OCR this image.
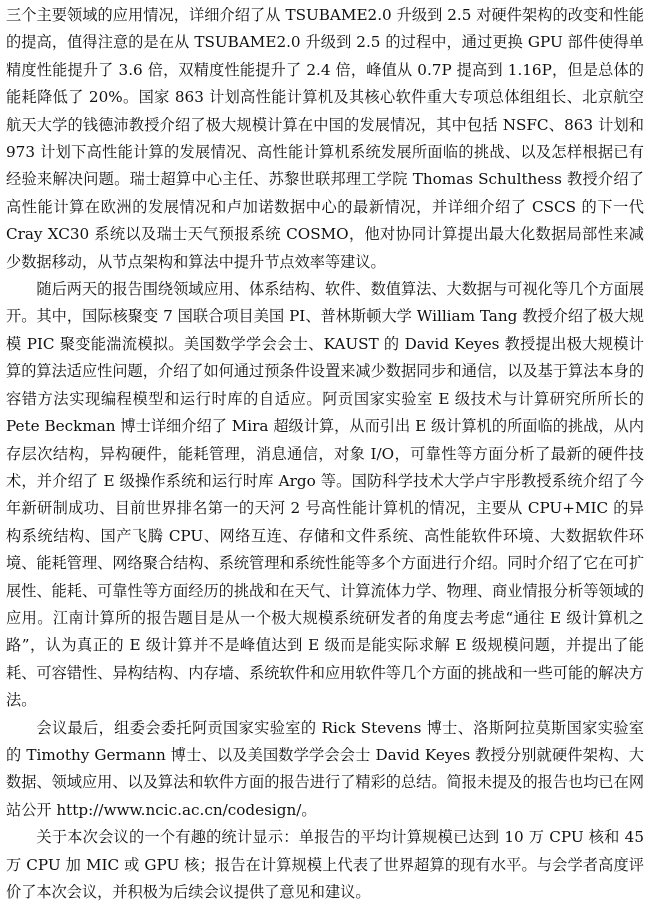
三个主要领域的应用情况，详细介绍了从 TSUBAME2.0 升级到 2.5 对硬件架构的改变和性能的提高，值得注意的是在从 TSUBAME2.0 升级到 2.5 的过程中，通过更换 GPU 部件使得单精度性能提升了 3.6 倍，双精度性能提升了 2.4 倍，峰值从 0.7P 提高到 1.16P，但是总体的能耗降低了 20%。国家 863 计划高性能计算机及其核心软件重大专项总体组组长、北京航空航天大学的钱德沛教授介绍了极大规模计算在中国的发展情况，其中包括 NSFC、863 计划和 973 计划下高性能计算的发展情况、高性能计算机系统发展所面临的挑战、以及怎样根据已有经验来解决问题。瑞士超算中心主任、苏黎世联邦理工学院 Thomas Schulthess 教授介绍了高性能计算在欧洲的发展情况和卢加诺数据中心的最新情况，并详细介绍了 CSCS 的下一代 Cray XC30 系统以及瑞士天气预报系统 COSMO，他对协同计算提出最大化数据局部性来减少数据移动，从节点架构和算法中提升节点效率等建议。

随后两天的报告围绕领域应用、体系结构、软件、数值算法、大数据与可视化等几个方面展开。其中，国际核聚变 7 国联合项目美国 PI、普林斯顿大学 William Tang 教授介绍了极大规模 PIC 聚变能湍流模拟。美国数学学会会士、KAUST 的 David Keyes 教授提出极大规模计算的算法适应性问题，介绍了如何通过预条件设置来减少数据同步和通信，以及基于算法本身的容错方法实现编程模型和运行时库的自适应。阿贡国家实验室 E 级技术与计算研究所所长的 Pete Beckman 博士详细介绍了 Mira 超级计算，从而引出 E 级计算机的所面临的挑战，从内存层次结构，异构硬件，能耗管理，消息通信，对象 I/O，可靠性等方面分析了最新的硬件技术，并介绍了 E 级操作系统和运行时库 Argo 等。国防科学技术大学卢宇彤教授系统介绍了今年新研制成功、目前世界排名第一的天河 2 号高性能计算机的情况，主要从 CPU+MIC 的异构系统结构、国产飞腾 CPU、网络互连、存储和文件系统、高性能软件环境、大数据软件环境、能耗管理、网络聚合结构、系统管理和系统性能等多个方面进行介绍。同时介绍了它在可扩展性、能耗、可靠性等方面经历的挑战和在天气、计算流体力学、物理、商业情报分析等领域的应用。江南计算所的报告题目是从一个极大规模系统研发者的角度去考虑“通往 E 级计算机之路”，认为真正的 E 级计算并不是峰值达到 E 级而是能实际求解 E 级规模问题，并提出了能耗、可容错性、异构结构、内存墙、系统软件和应用软件等几个方面的挑战和一些可能的解决方法。

会议最后，组委会委托阿贡国家实验室的 Rick Stevens 博士、洛斯阿拉莫斯国家实验室的 Timothy Germann 博士、以及美国数学学会会士 David Keyes 教授分别就硬件架构、大数据、领域应用、以及算法和软件方面的报告进行了精彩的总结。简报未提及的报告也均已在网站公开 http://www.ncic.ac.cn/codesign/。

关于本次会议的一个有趣的统计显示：单报告的平均计算规模已达到 10 万 CPU 核和 45 万 CPU 加 MIC 或 GPU 核；报告在计算规模上代表了世界超算的现有水平。与会学者高度评价了本次会议，并积极为后续会议提供了意见和建议。
